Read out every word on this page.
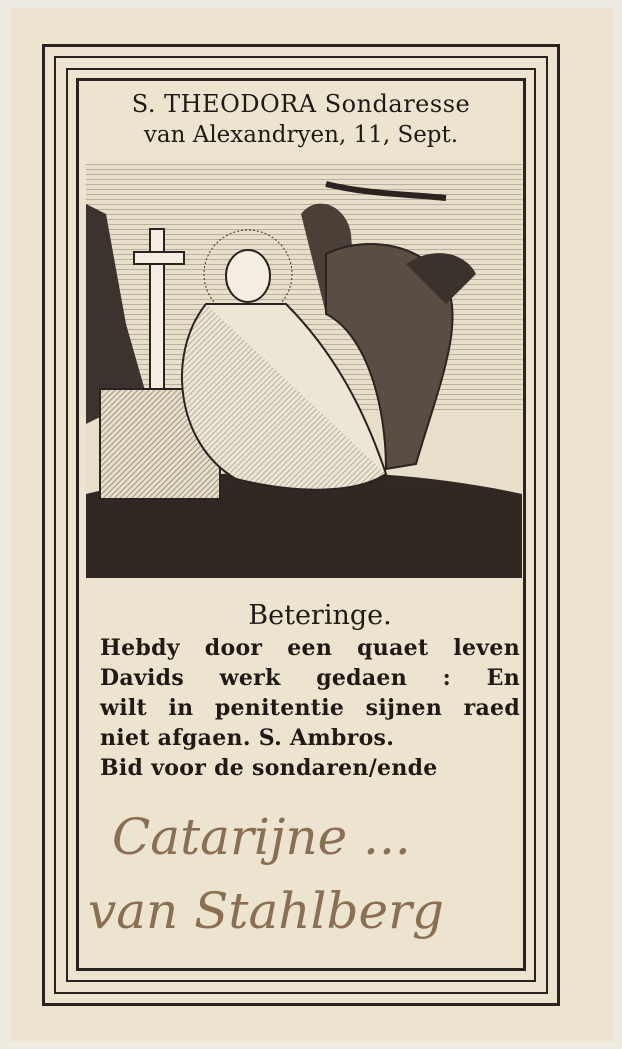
S. THEODORA Sondaresse
van Alexandryen, 11, Sept.
Beteringe.
Hebdy door een quaet leven
Davids werk gedaen : En
wilt in penitentie sijnen raed
niet afgaen. S. Ambros.
Bid voor de sondaren/ende
Catarijne ...
van Stahlberg
